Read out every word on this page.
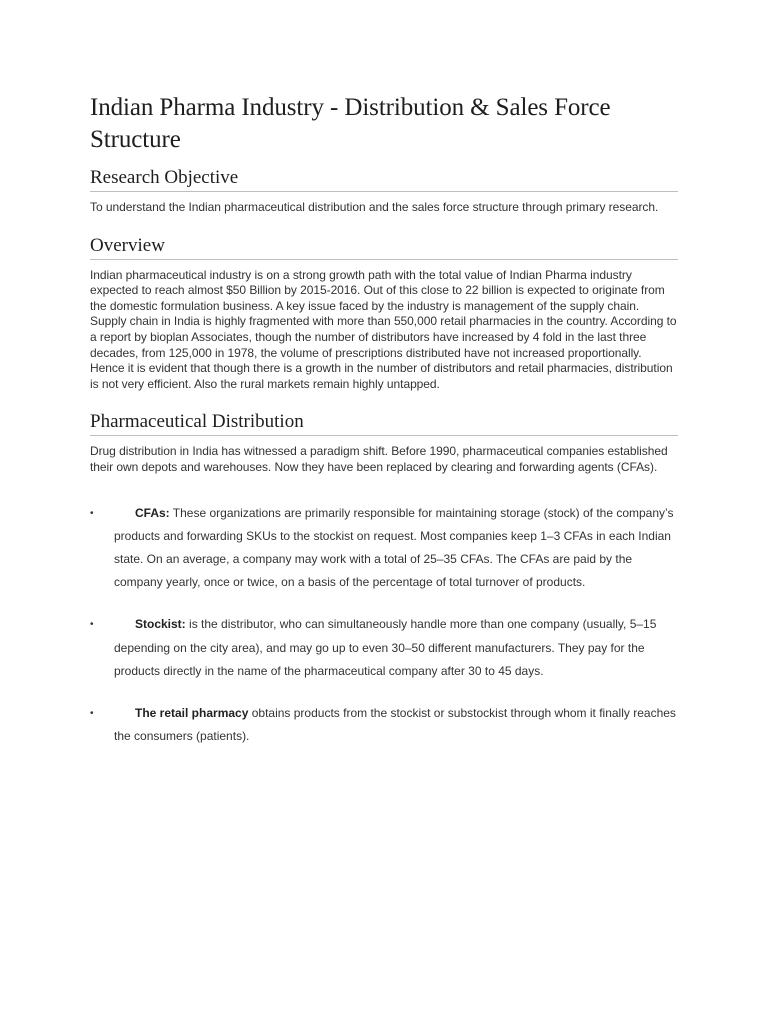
Indian Pharma Industry - Distribution & Sales Force Structure
Research Objective

To understand the Indian pharmaceutical distribution and the sales force structure through primary research.

Overview

Indian pharmaceutical industry is on a strong growth path with the total value of Indian Pharma industry expected to reach almost $50 Billion by 2015-2016. Out of this close to 22 billion is expected to originate from the domestic formulation business. A key issue faced by the industry is management of the supply chain. Supply chain in India is highly fragmented with more than 550,000 retail pharmacies in the country. According to a report by bioplan Associates, though the number of distributors have increased by 4 fold in the last three decades, from 125,000 in 1978, the volume of prescriptions distributed have not increased proportionally. Hence it is evident that though there is a growth in the number of distributors and retail pharmacies, distribution is not very efficient. Also the rural markets remain highly untapped.

Pharmaceutical Distribution

Drug distribution in India has witnessed a paradigm shift. Before 1990, pharmaceutical companies established their own depots and warehouses. Now they have been replaced by clearing and forwarding agents (CFAs).

•	CFAs: These organizations are primarily responsible for maintaining storage (stock) of the company’s products and forwarding SKUs to the stockist on request. Most companies keep 1–3 CFAs in each Indian state. On an average, a company may work with a total of 25–35 CFAs. The CFAs are paid by the company yearly, once or twice, on a basis of the percentage of total turnover of products.
•	Stockist: is the distributor, who can simultaneously handle more than one company (usually, 5–15 depending on the city area), and may go up to even 30–50 different manufacturers. They pay for the products directly in the name of the pharmaceutical company after 30 to 45 days.
•	The retail pharmacy obtains products from the stockist or substockist through whom it finally reaches the consumers (patients).
